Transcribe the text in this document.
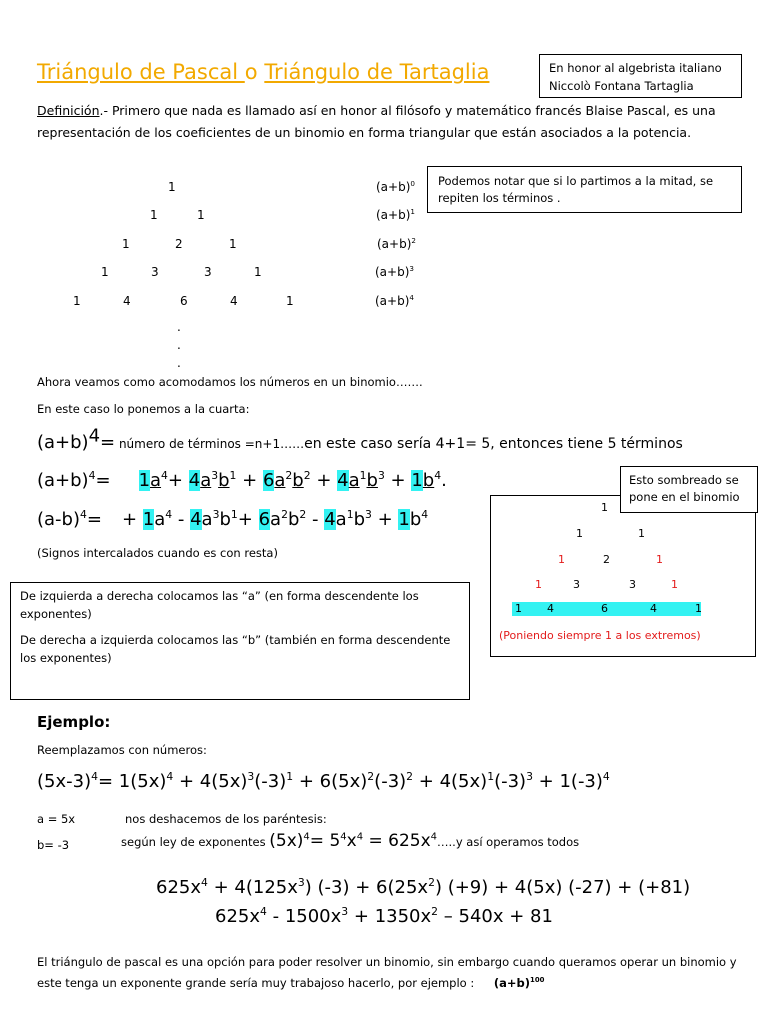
Triángulo de Pascal o Triángulo de Tartaglia	En honor al algebrista italiano
Niccolò Fontana Tartaglia
Definición.- Primero que nada es llamado así en honor al filósofo y matemático francés Blaise Pascal, es una representación de los coeficientes de un binomio en forma triangular que están asociados a la potencia.
Podemos notar que si lo partimos a la mitad, se repiten los términos .
1	$(a+b)^0$
1	1	$(a+b)^1$
1	2	1	$(a+b)^2$
1	3	3	1	$(a+b)^3$
1	4	6	4	1	$(a+b)^4$
.
.
.
Ahora veamos como acomodamos los números en un binomio…….
En este caso lo ponemos a la cuarta:
$(a+b)^4=$ número de términos =n+1……en este caso sería 4+1= 5, entonces tiene 5 términos
$(a+b)^4= 1a^4+ 4a^3b^1 + 6a^2b^2 + 4a^1b^3 + 1b^4$.
$(a-b)^4= + 1a^4 - 4a^3b^1+ 6a^2b^2 - 4a^1b^3 + 1b^4$
(Signos intercalados cuando es con resta)
1
1	1
1	2	1
1	3	3	1
1 4	6	4	1
(Poniendo siempre 1 a los extremos)
Esto sombreado se pone en el binomio
De izquierda a derecha colocamos las “a” (en forma descendente los exponentes)
De derecha a izquierda colocamos las “b” (también en forma descendente los exponentes)
Ejemplo:
Reemplazamos con números:
$(5x-3)^4= 1(5x)^4 + 4(5x)^3(-3)^1 + 6(5x)^2(-3)^2 + 4(5x)^1(-3)^3 + 1(-3)^4$
a = 5x	nos deshacemos de los paréntesis:
b= -3	según ley de exponentes $(5x)^4= 5^4x^4$ = $625x^4\dots..y$ así operamos todos
$625x^4 + 4(125x^3) (-3) + 6(25x^2) (+9) + 4(5x) (-27) + (+81)$
$625x^4 - 1500x^3 + 1350x^2 - 540x + 81$
El triángulo de pascal es una opción para poder resolver un binomio, sin embargo cuando queramos operar un binomio y este tenga un exponente grande sería muy trabajoso hacerlo, por ejemplo : $(a+b)^{100}$
